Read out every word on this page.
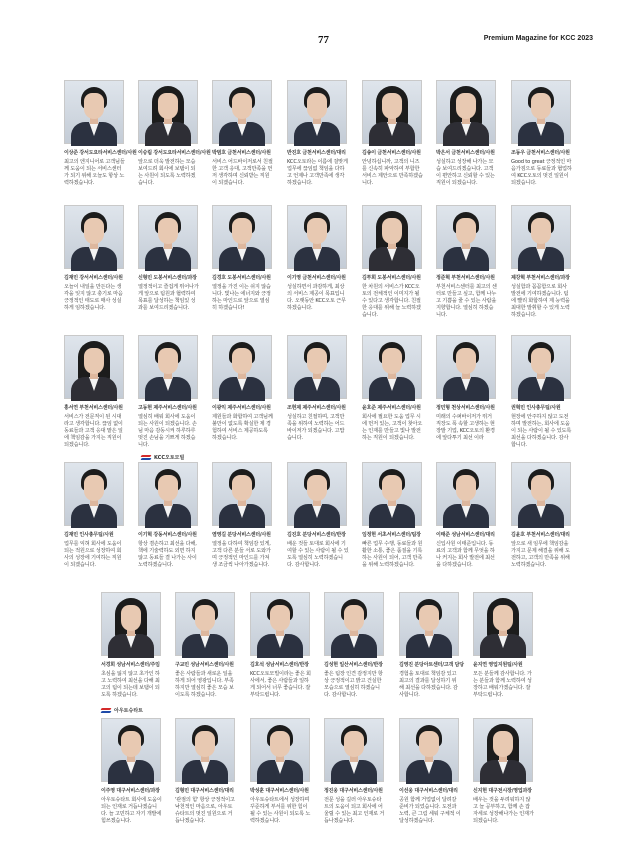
77	Premium Magazine for KCC 2023
이상준 강서도요타서비스센터/사원
최고의 엔지니어로 고객님들께 도움이 되는 서비스센터가 되기 위해 오늘도 항상 노력하겠습니다.
이승림 강서도요타서비스센터/사원
앞으로 더욱 발전하는 모습 보여드려 회사에 보탬이 되는 사원이 되도록 노력하겠습니다.
박범호 금천서비스센터/사원
서비스 어드바이저로서 친절한 고객 응대, 고객만족을 먼저 생각하며 신뢰받는 직원이 되겠습니다.
반진호 금천서비스센터/대리
KCC오토라는 이름에 걸맞게 업무에 끊임없 책임을 다하고 언제나 고객만족에 생각하겠습니다.
김송이 금천서비스센터/사원
안녕하십니까, 고객의 니즈를 신속히 파악하여 부합한 서비스 제안으로 만족하겠습니다.
박은서 금천서비스센터/사원
성실하고 성장해 나가는 모습 보여드리겠습니다. 고객이 편안하고 신뢰할 수 있는 직원이 되겠습니다.
조동우 금천서비스센터/사원
Good to great 긍정적인 마음가짐으로 동료들과 협업하여 KCC오토의 멋진 일원이 되겠습니다.
김재민 강서서비스센터/사원
오늘이 내일을 만든다는 생각을 잊지 않고 충기로 마음 긍정적인 태도로 매사 성실하게 임하겠습니다.
신형민 도봉서비스센터/과장
열정적이고 즐겁게 뛰어나가게 앞으로 팀원과 협력하여 목표를 달성하는 책임있 성과를 보여드리겠습니다.
김경호 도봉서비스센터/사원
열정을 가진 이는 쉬지 않습니다. 빛나는 에너지와 긍정하는 마인드로 앞으로 열심히 하겠습니다!
이기영 금천서비스센터/사원
성실하면서 과감하게, 최상의 서비스 제공이 목표입니다. 오랫동안 KCC오토 근무하겠습니다.
김투희 도봉서비스센터/사원
한 차원의 서비스가 KCC오토의 전체적인 이미지가 될 수 있다고 생각합니다. 친절한 응대를 위해 늘 노력하겠습니다.
정준혁 부천서비스센터/사원
부천서비스센터를 최고의 센터로 만들고 싶고, 함께 나누고 기쁨을 줄 수 있는 사람을 지향합니다. 열심히 하겠습니다.
제강혁 부천서비스센터/과장
성실함과 꼼꼼함으로 회사 발전에 기여하겠습니다. 팀에 빨리 화합하여 제 능력을 최대한 발휘할 수 있게 노력하겠습니다.
홍서연 부천서비스센터/사원
서비스가 전문직이 된 시대라고 생각합니다. 끊임 없이 동료들과 고객 응대 맡은 일에 책임감을 가지는 직원이 되겠습니다.
고동현 제주서비스센터/사원
열심히 배워 회사에 도움이 되는 사원이 되겠습니다. 손님 마음 감동시켜 하루하루 멋진 손님을 기쁘게 하겠습니다.
이광익 제주서비스센터/사원
제원들과 화합하여 고객님께 불만이 없도록 확실한 제 경험하여 서비스 제공하도록 하겠습니다.
조현제 제주서비스센터/사원
성실하고 친절하며, 고객만족을 위하여 노력하는 어드바이저가 되겠습니다. 고맙습니다.
윤호준 제주서비스센터/사원
회사에 필요한 도움 업무 시에 먼저 있는, 고객이 찾아오는 인재를 만들고 빛나 발전하는 직원이 되겠습니다.
정민형 천상서비스센터/사원
미래의 수퍼바이저가 뛰거 직장도 폭 속할 고생하는 현장발 기업, KCC오토의 환경에 앞다투기 최선 이라
권혁민 인사총무팀/사원
현장에 안주하지 않고 도전하며 발전하는, 회사에 도움이 되는 사람이 될 수 있도록 최선을 다하겠습니다. 감사합니다.
김재민 인사총무팀/사원
업무를 익혀 회사에 도움이 되는 적원으로 성장하여 회사의 성장에 기여하는 직원이 되겠습니다.
이기혁 강동서비스센터/사원
항상 겸손하고 최선을 다해, 책에 기술력하도 외면 하지 않고 동료들 결 나가는 사이 노력하겠습니다.
염영길 분당서비스센터/사원
열정을 다하여 책임감 있게, 고객 다른 분들 서로 도와가며 긍정적인 마인드를 가져 생 조금씩 나아가겠습니다.
김진호 분당서비스센터/반장
배운 것들 토대로 회사에 기여할 수 있는 사람이 될 수 있도록 열심히 노력하겠습니다. 감사합니다.
임정현 서초서비스센터/팀장
빠른 업무 수행, 동료들과 원활한 소통, 좋은 품질을 기록하는 사원이 되어, 고객 만족을 위해 노력하겠습니다.
이태준 성남서비스센터/대리
신입사원 이태준입니다. 동료의 고객과 함께 무엇을 하나 커지는 회사 발전에 최선을 다하겠습니다.
김윤호 부천서비스센터/대리
앞으로 새 임무에 책임감을 가지고 문제 해결을 위해 도전하고, 고객의 만족을 위해 노력하겠습니다.
서경희 성남서비스센터/주임
초심을 잃지 않고 초가인 하고 노력하여 최선을 다해 최고의 팀이 되는데 보탬이 되도록 하겠습니다.
구교민 성남서비스센터/사원
좋은 사람들과 새로운 일을 하게 되어 영광입니다. 부족하지만 열심히 좋은 모습 보이도록 하겠습니다.
김호석 성남서비스센터/반장
KCC오토모빌이라는 좋은 회사에서, 좋은 사람들과 일하게 되어서 너무 좋습니다. 잘 부탁드립니다.
김성현 일산서비스센터/반장
좋은 팀장 인견 감정지만 항상 긍정적이고 밝고 건실한 모습으로 열심히 하겠습니다. 감사합니다.
김영진 분당아트센터/고객 담당
경험을 토대로 책임감 있고 최고의 결과를 달성하기 위해 최선을 다하겠습니다. 감사합니다.
윤지연 영업지원팀/사원
모든 분들께 감사합니다. 가는 분들과 함께 노력하여 성장하고 배워가겠습니다. 잘 부탁드립니다.
이주영 대구서비스센터/과장
아우토슈타트 회사에 도움이 되는 인재로 거듭나겠습니다. 늘 고민하고 자기 개발에 힘쓰겠습니다.
김형민 대구서비스센터/대리
'관점의 힘' 항상 긍정적이고 낙천적인 마음으로, 아우토슈타트의 멋진 일원으로 거듭나겠습니다.
박성훈 대구서비스센터/사원
아우토슈타트에서 성장하며 꾸준하게 부서를 위한 힘이 될 수 있는 사원이 되도록 노력하겠습니다.
정진웅 대구서비스센터/사원
전문 성을 길러 아우토슈타트의 도움이 되고 회사에 어울릴 수 있는 최고 인재로 거듭나겠습니다.
이선웅 대구서비스센터/대리
공원 함께 거업없이 달려갈 준비가 되었습니다. 도전과 노력, 큰 그림 세워 구체적 이 달성하겠습니다.
신지현 대구전시장/영업과장
배우는 것을 두려워하지 않고 늘 공부하고, 함께 손 잡 자세로 성장해나가는 인재가 되겠습니다.
KCC오토모빌
아우토슈타트
